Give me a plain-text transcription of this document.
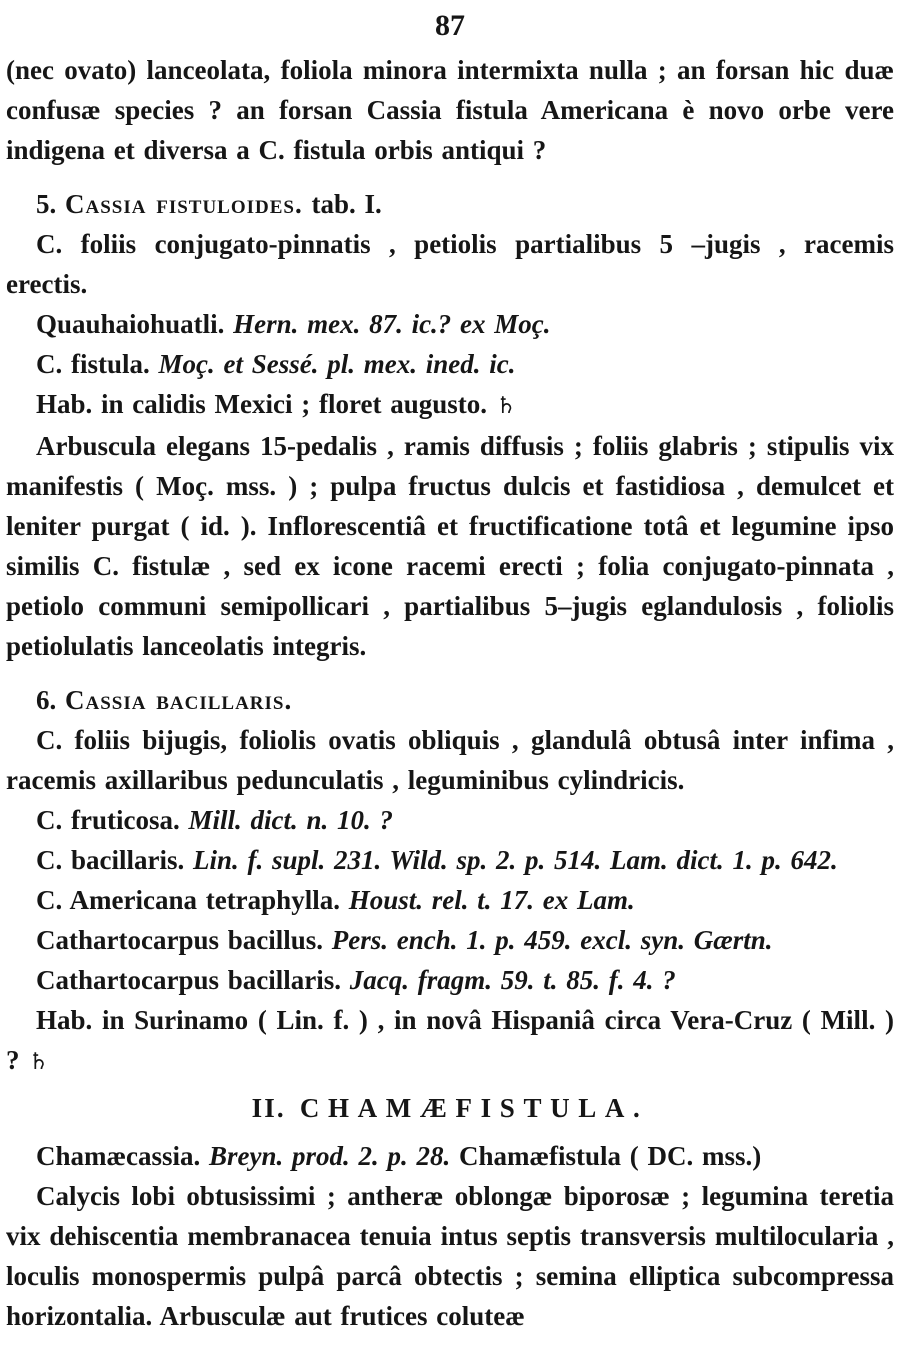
87

(nec ovato) lanceolata, foliola minora intermixta nulla ; an forsan hic duæ confusæ species ? an forsan Cassia fistula Americana è novo orbe vere indigena et diversa a C. fistula orbis antiqui ?

5. Cassia fistuloides. tab. I.

C. foliis conjugato-pinnatis , petiolis partialibus 5 –jugis , racemis erectis.

Quauhaiohuatli. Hern. mex. 87. ic.? ex Moç.

C. fistula. Moç. et Sessé. pl. mex. ined. ic.

Hab. in calidis Mexici ; floret augusto. ♄

Arbuscula elegans 15-pedalis , ramis diffusis ; foliis glabris ; stipulis vix manifestis ( Moç. mss. ) ; pulpa fructus dulcis et fastidiosa , demulcet et leniter purgat ( id. ). Inflorescentiâ et fructificatione totâ et legumine ipso similis C. fistulæ , sed ex icone racemi erecti ; folia conjugato-pinnata , petiolo communi semipollicari , partialibus 5–jugis eglandulosis , foliolis petiolulatis lanceolatis integris.

6. Cassia bacillaris.

C. foliis bijugis, foliolis ovatis obliquis , glandulâ obtusâ inter infima , racemis axillaribus pedunculatis , leguminibus cylindricis.

C. fruticosa. Mill. dict. n. 10. ?

C. bacillaris. Lin. f. supl. 231. Wild. sp. 2. p. 514. Lam. dict. 1. p. 642.

C. Americana tetraphylla. Houst. rel. t. 17. ex Lam.

Cathartocarpus bacillus. Pers. ench. 1. p. 459. excl. syn. Gærtn.

Cathartocarpus bacillaris. Jacq. fragm. 59. t. 85. f. 4. ?

Hab. in Surinamo ( Lin. f. ) , in novâ Hispaniâ circa Vera-Cruz ( Mill. ) ? ♄

II. CHAMÆFISTULA.

Chamæcassia. Breyn. prod. 2. p. 28. Chamæfistula ( DC. mss.)

Calycis lobi obtusissimi ; antheræ oblongæ biporosæ ; legumina teretia vix dehiscentia membranacea tenuia intus septis transversis multilocularia , loculis monospermis pulpâ parcâ obtectis ; semina elliptica subcompressa horizontalia. Arbusculæ aut frutices coluteæ
